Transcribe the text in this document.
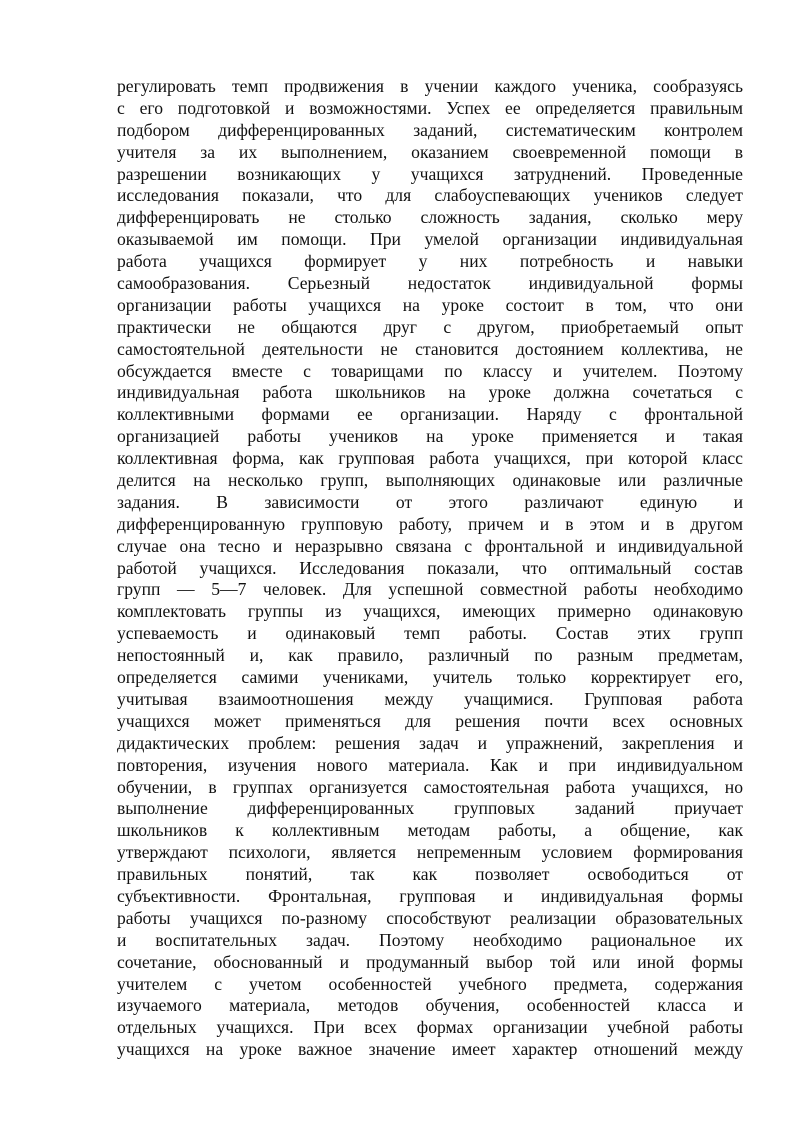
регулировать темп продвижения в учении каждого ученика, сообразуясь
с его подготовкой и возможностями. Успех ее определяется правильным
подбором дифференцированных заданий, систематическим контролем
учителя за их выполнением, оказанием своевременной помощи в
разрешении возникающих у учащихся затруднений. Проведенные
исследования показали, что для слабоуспевающих учеников следует
дифференцировать не столько сложность задания, сколько меру
оказываемой им помощи. При умелой организации индивидуальная
работа учащихся формирует у них потребность и навыки
самообразования. Серьезный недостаток индивидуальной формы
организации работы учащихся на уроке состоит в том, что они
практически не общаются друг с другом, приобретаемый опыт
самостоятельной деятельности не становится достоянием коллектива, не
обсуждается вместе с товарищами по классу и учителем. Поэтому
индивидуальная работа школьников на уроке должна сочетаться с
коллективными формами ее организации. Наряду с фронтальной
организацией работы учеников на уроке применяется и такая
коллективная форма, как групповая работа учащихся, при которой класс
делится на несколько групп, выполняющих одинаковые или различные
задания. В зависимости от этого различают единую и
дифференцированную групповую работу, причем и в этом и в другом
случае она тесно и неразрывно связана с фронтальной и индивидуальной
работой учащихся. Исследования показали, что оптимальный состав
групп — 5—7 человек. Для успешной совместной работы необходимо
комплектовать группы из учащихся, имеющих примерно одинаковую
успеваемость и одинаковый темп работы. Состав этих групп
непостоянный и, как правило, различный по разным предметам,
определяется самими учениками, учитель только корректирует его,
учитывая взаимоотношения между учащимися. Групповая работа
учащихся может применяться для решения почти всех основных
дидактических проблем: решения задач и упражнений, закрепления и
повторения, изучения нового материала. Как и при индивидуальном
обучении, в группах организуется самостоятельная работа учащихся, но
выполнение дифференцированных групповых заданий приучает
школьников к коллективным методам работы, а общение, как
утверждают психологи, является непременным условием формирования
правильных понятий, так как позволяет освободиться от
субъективности. Фронтальная, групповая и индивидуальная формы
работы учащихся по-разному способствуют реализации образовательных
и воспитательных задач. Поэтому необходимо рациональное их
сочетание, обоснованный и продуманный выбор той или иной формы
учителем с учетом особенностей учебного предмета, содержания
изучаемого материала, методов обучения, особенностей класса и
отдельных учащихся. При всех формах организации учебной работы
учащихся на уроке важное значение имеет характер отношений между
